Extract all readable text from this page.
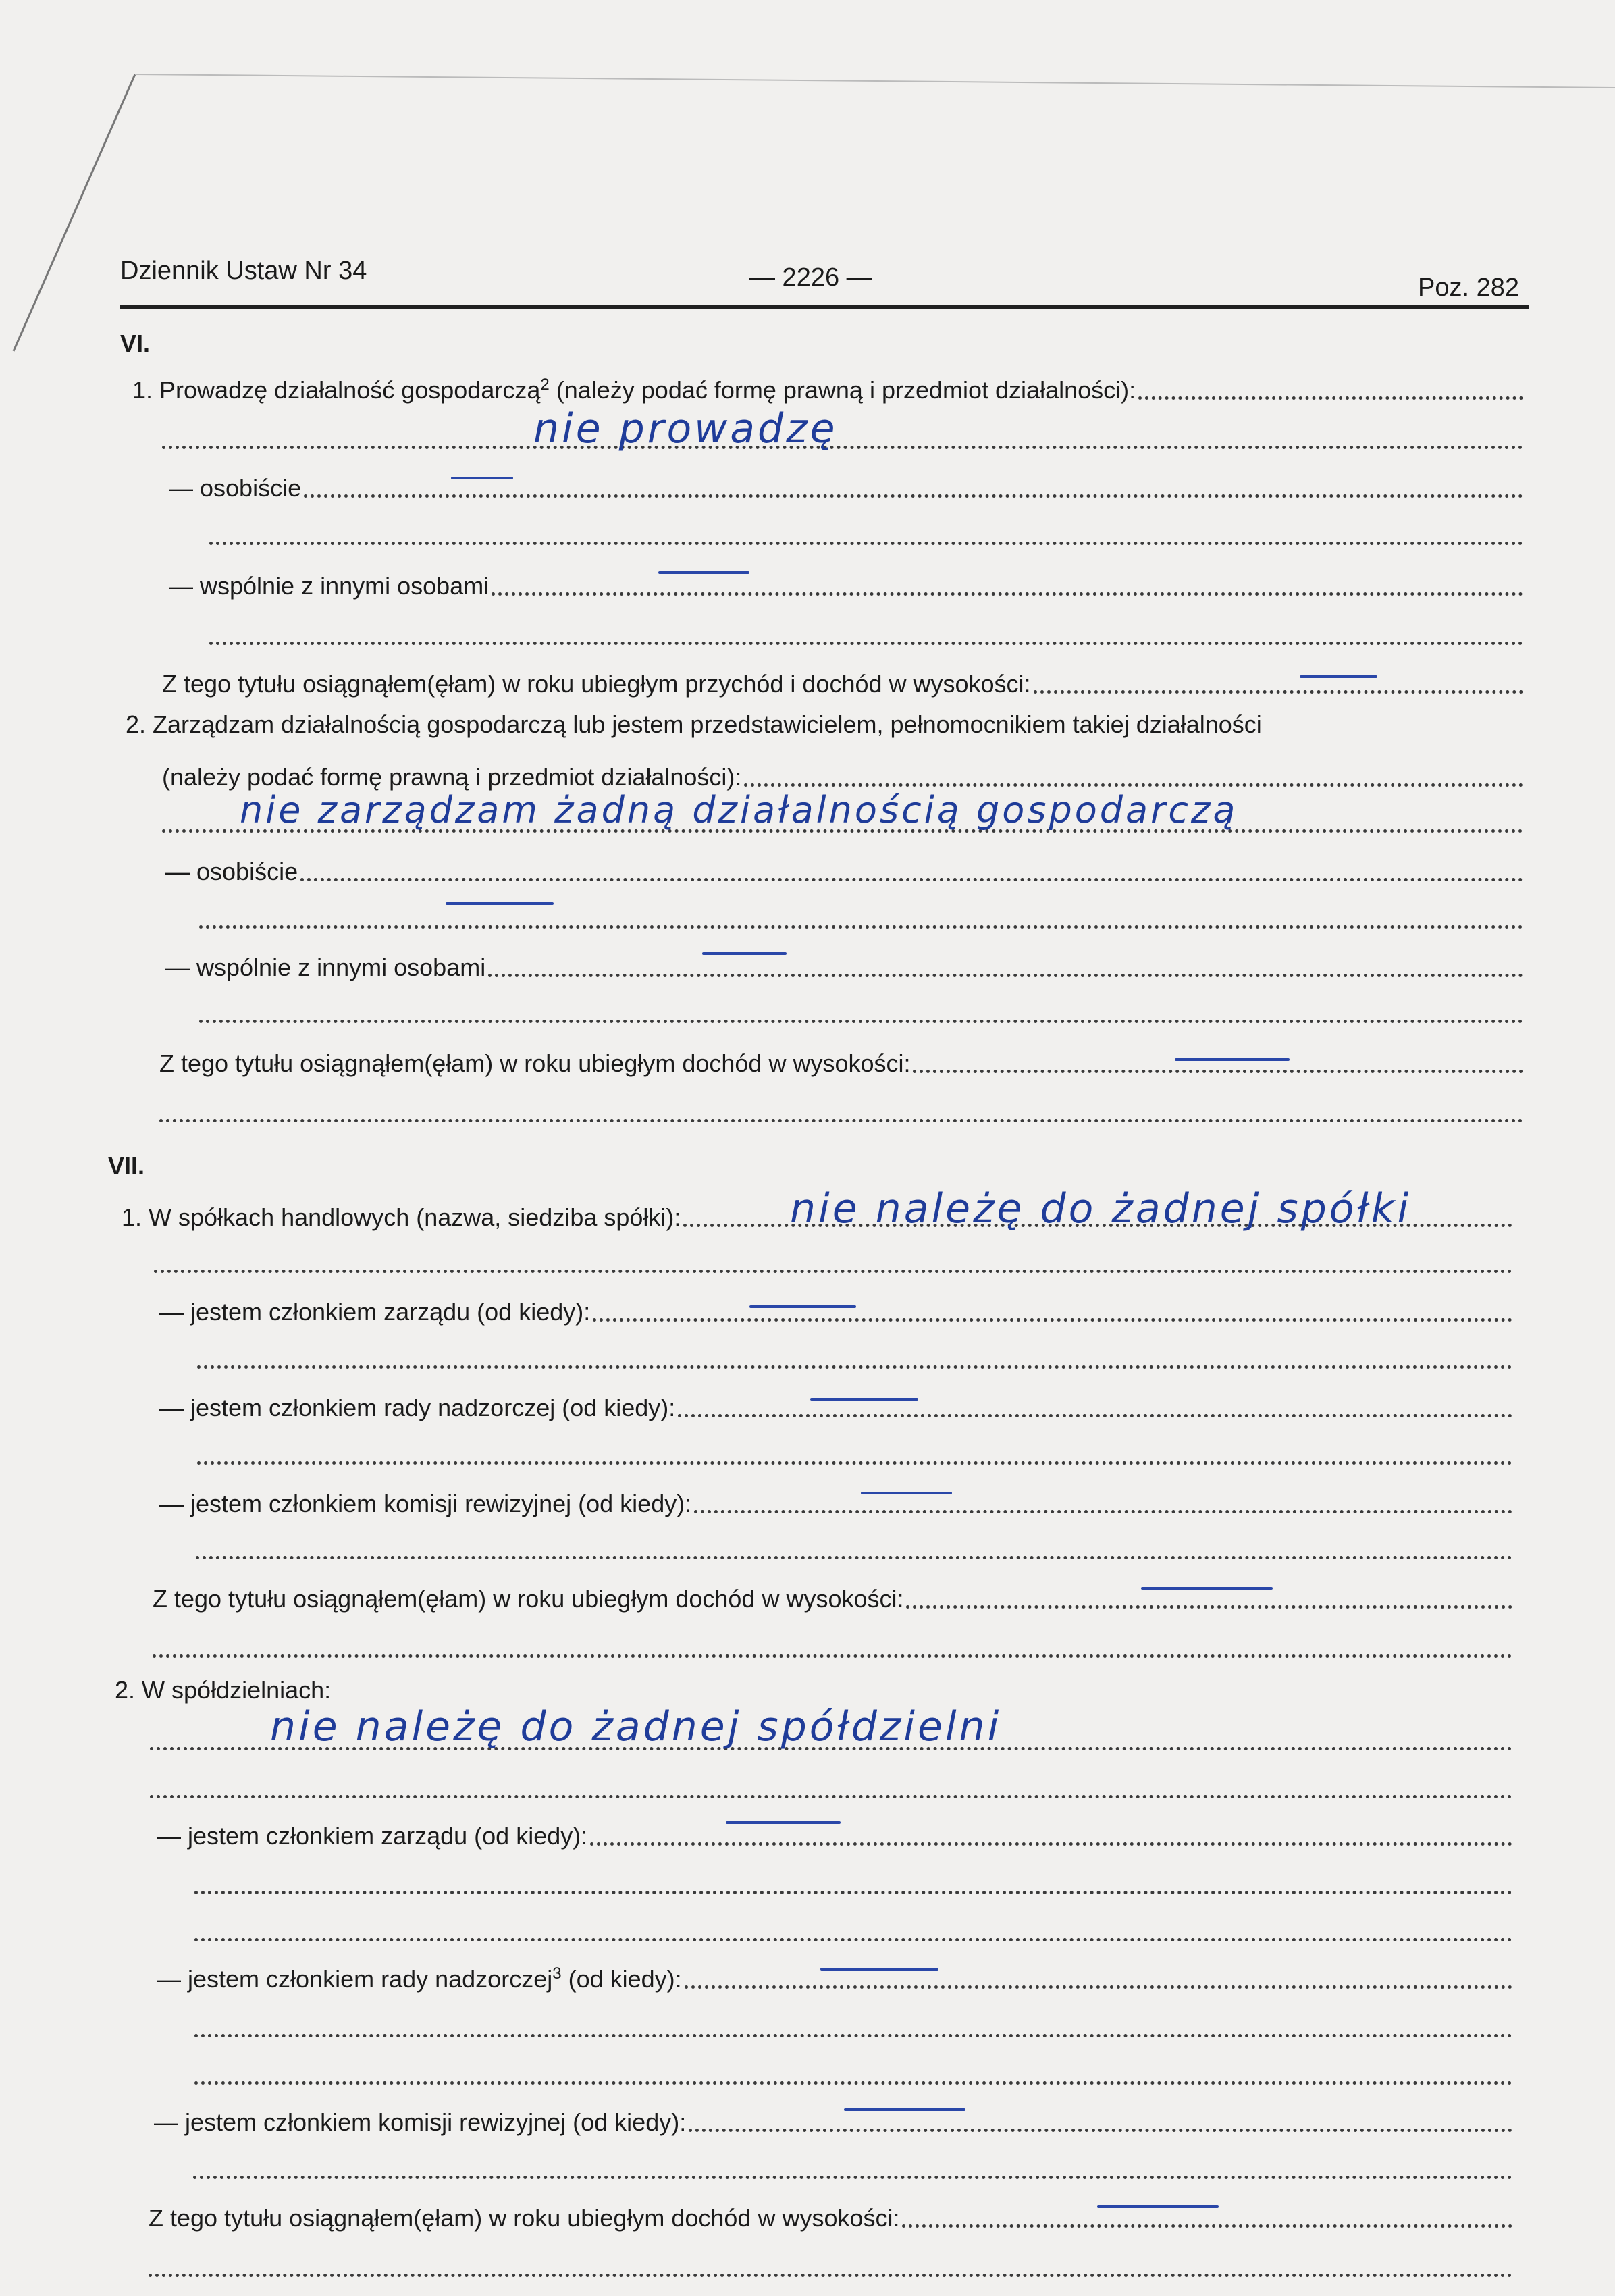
Dziennik Ustaw Nr 34	— 2226 —	Poz. 282
VI.
1. Prowadzę działalność gospodarczą$^2$ (należy podać formę prawną i przedmiot działalności):
nie prowadzę
— osobiście
— wspólnie z innymi osobami
Z tego tytułu osiągnąłem(ęłam) w roku ubiegłym przychód i dochód w wysokości:
2. Zarządzam działalnością gospodarczą lub jestem przedstawicielem, pełnomocnikiem takiej działalności
(należy podać formę prawną i przedmiot działalności):
nie zarządzam żadną działalnością gospodarczą
— osobiście
— wspólnie z innymi osobami
Z tego tytułu osiągnąłem(ęłam) w roku ubiegłym dochód w wysokości:
VII.
1. W spółkach handlowych (nazwa, siedziba spółki):	nie należę do żadnej spółki
— jestem członkiem zarządu (od kiedy):
— jestem członkiem rady nadzorczej (od kiedy):
— jestem członkiem komisji rewizyjnej (od kiedy):
Z tego tytułu osiągnąłem(ęłam) w roku ubiegłym dochód w wysokości:
2. W spółdzielniach:
nie należę do żadnej spółdzielni
— jestem członkiem zarządu (od kiedy):
— jestem członkiem rady nadzorczej$^3$ (od kiedy):
— jestem członkiem komisji rewizyjnej (od kiedy):
Z tego tytułu osiągnąłem(ęłam) w roku ubiegłym dochód w wysokości:
